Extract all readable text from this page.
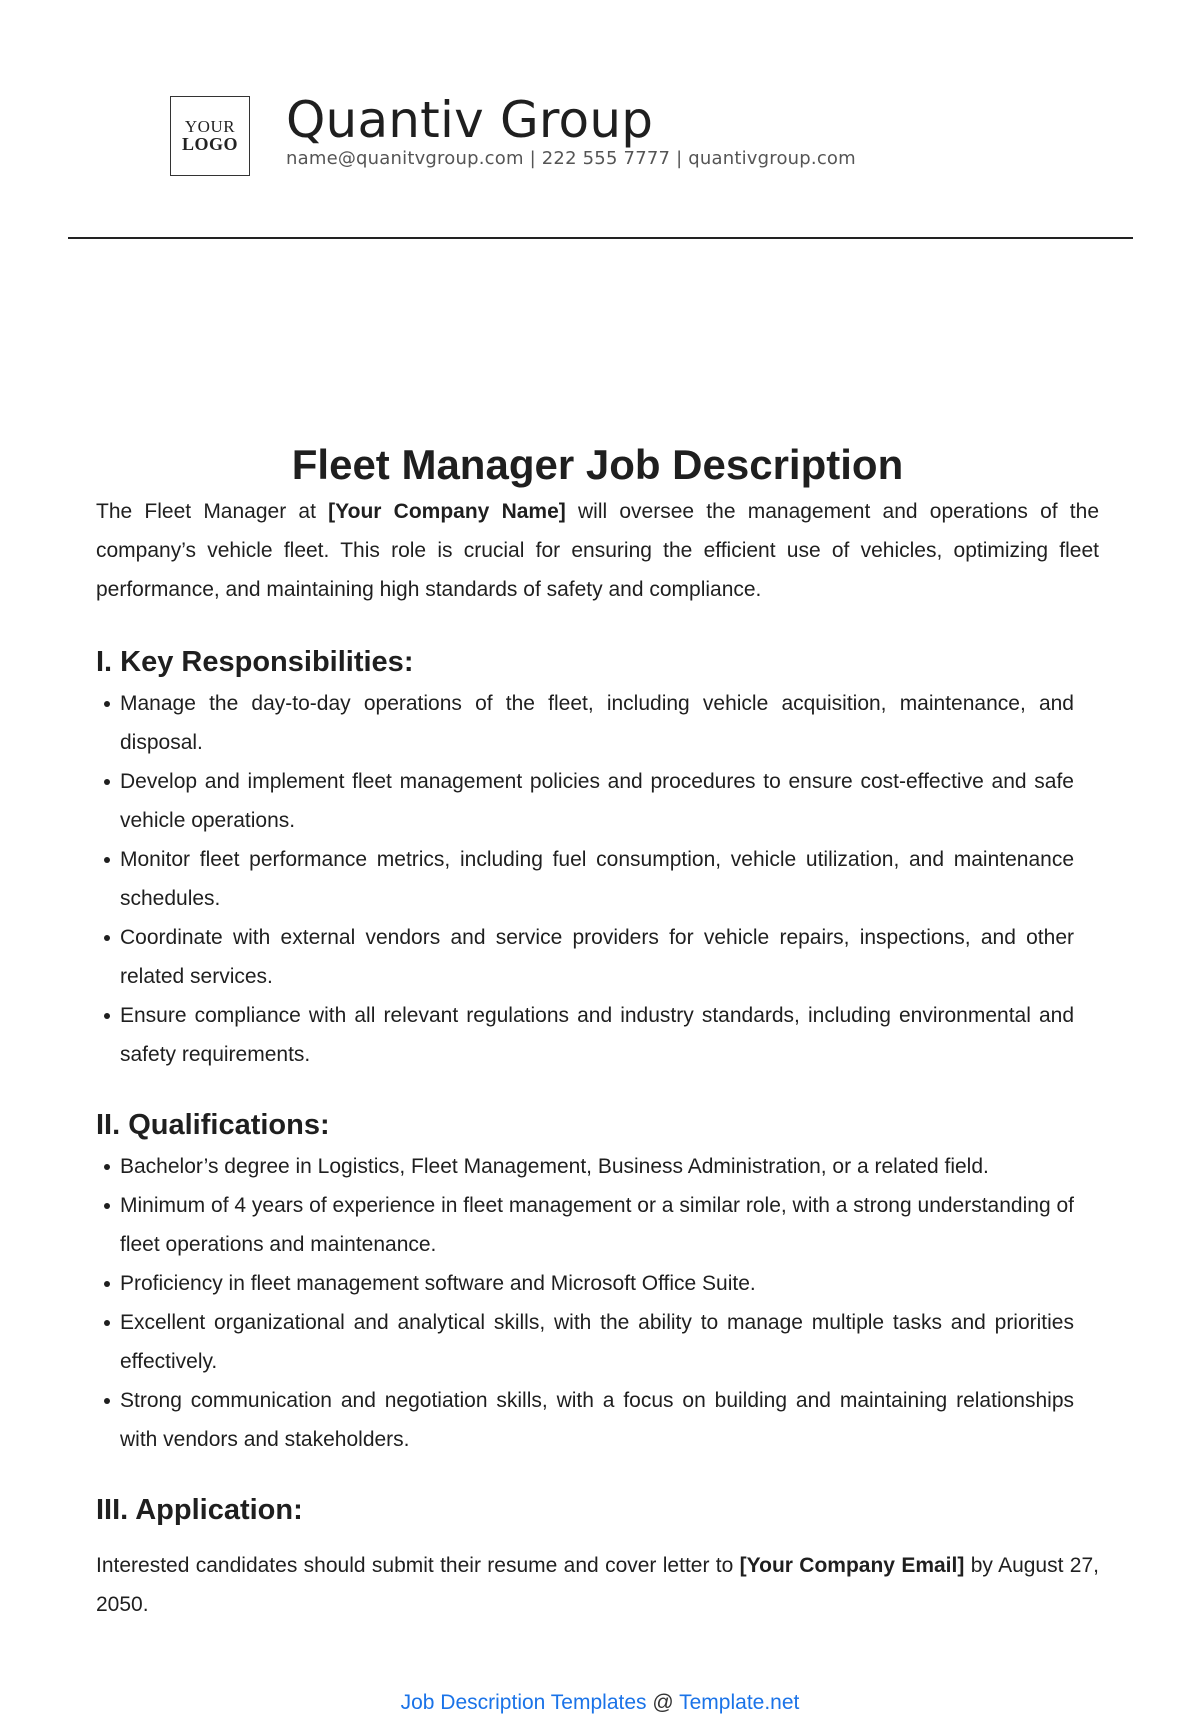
YOUR
LOGO Quantiv Group
name@quanitvgroup.com | 222 555 7777 | quantivgroup.com
Fleet Manager Job Description

The Fleet Manager at [Your Company Name] will oversee the management and operations of the company’s vehicle fleet. This role is crucial for ensuring the efficient use of vehicles, optimizing fleet performance, and maintaining high standards of safety and compliance.

I. Key Responsibilities:
Manage the day-to-day operations of the fleet, including vehicle acquisition, maintenance, and disposal.
Develop and implement fleet management policies and procedures to ensure cost-effective and safe vehicle operations.
Monitor fleet performance metrics, including fuel consumption, vehicle utilization, and maintenance schedules.
Coordinate with external vendors and service providers for vehicle repairs, inspections, and other related services.
Ensure compliance with all relevant regulations and industry standards, including environmental and safety requirements.
II. Qualifications:
Bachelor’s degree in Logistics, Fleet Management, Business Administration, or a related field.
Minimum of 4 years of experience in fleet management or a similar role, with a strong understanding of fleet operations and maintenance.
Proficiency in fleet management software and Microsoft Office Suite.
Excellent organizational and analytical skills, with the ability to manage multiple tasks and priorities effectively.
Strong communication and negotiation skills, with a focus on building and maintaining relationships with vendors and stakeholders.
III. Application:

Interested candidates should submit their resume and cover letter to [Your Company Email] by August 27, 2050.

Job Description Templates @ Template.net
